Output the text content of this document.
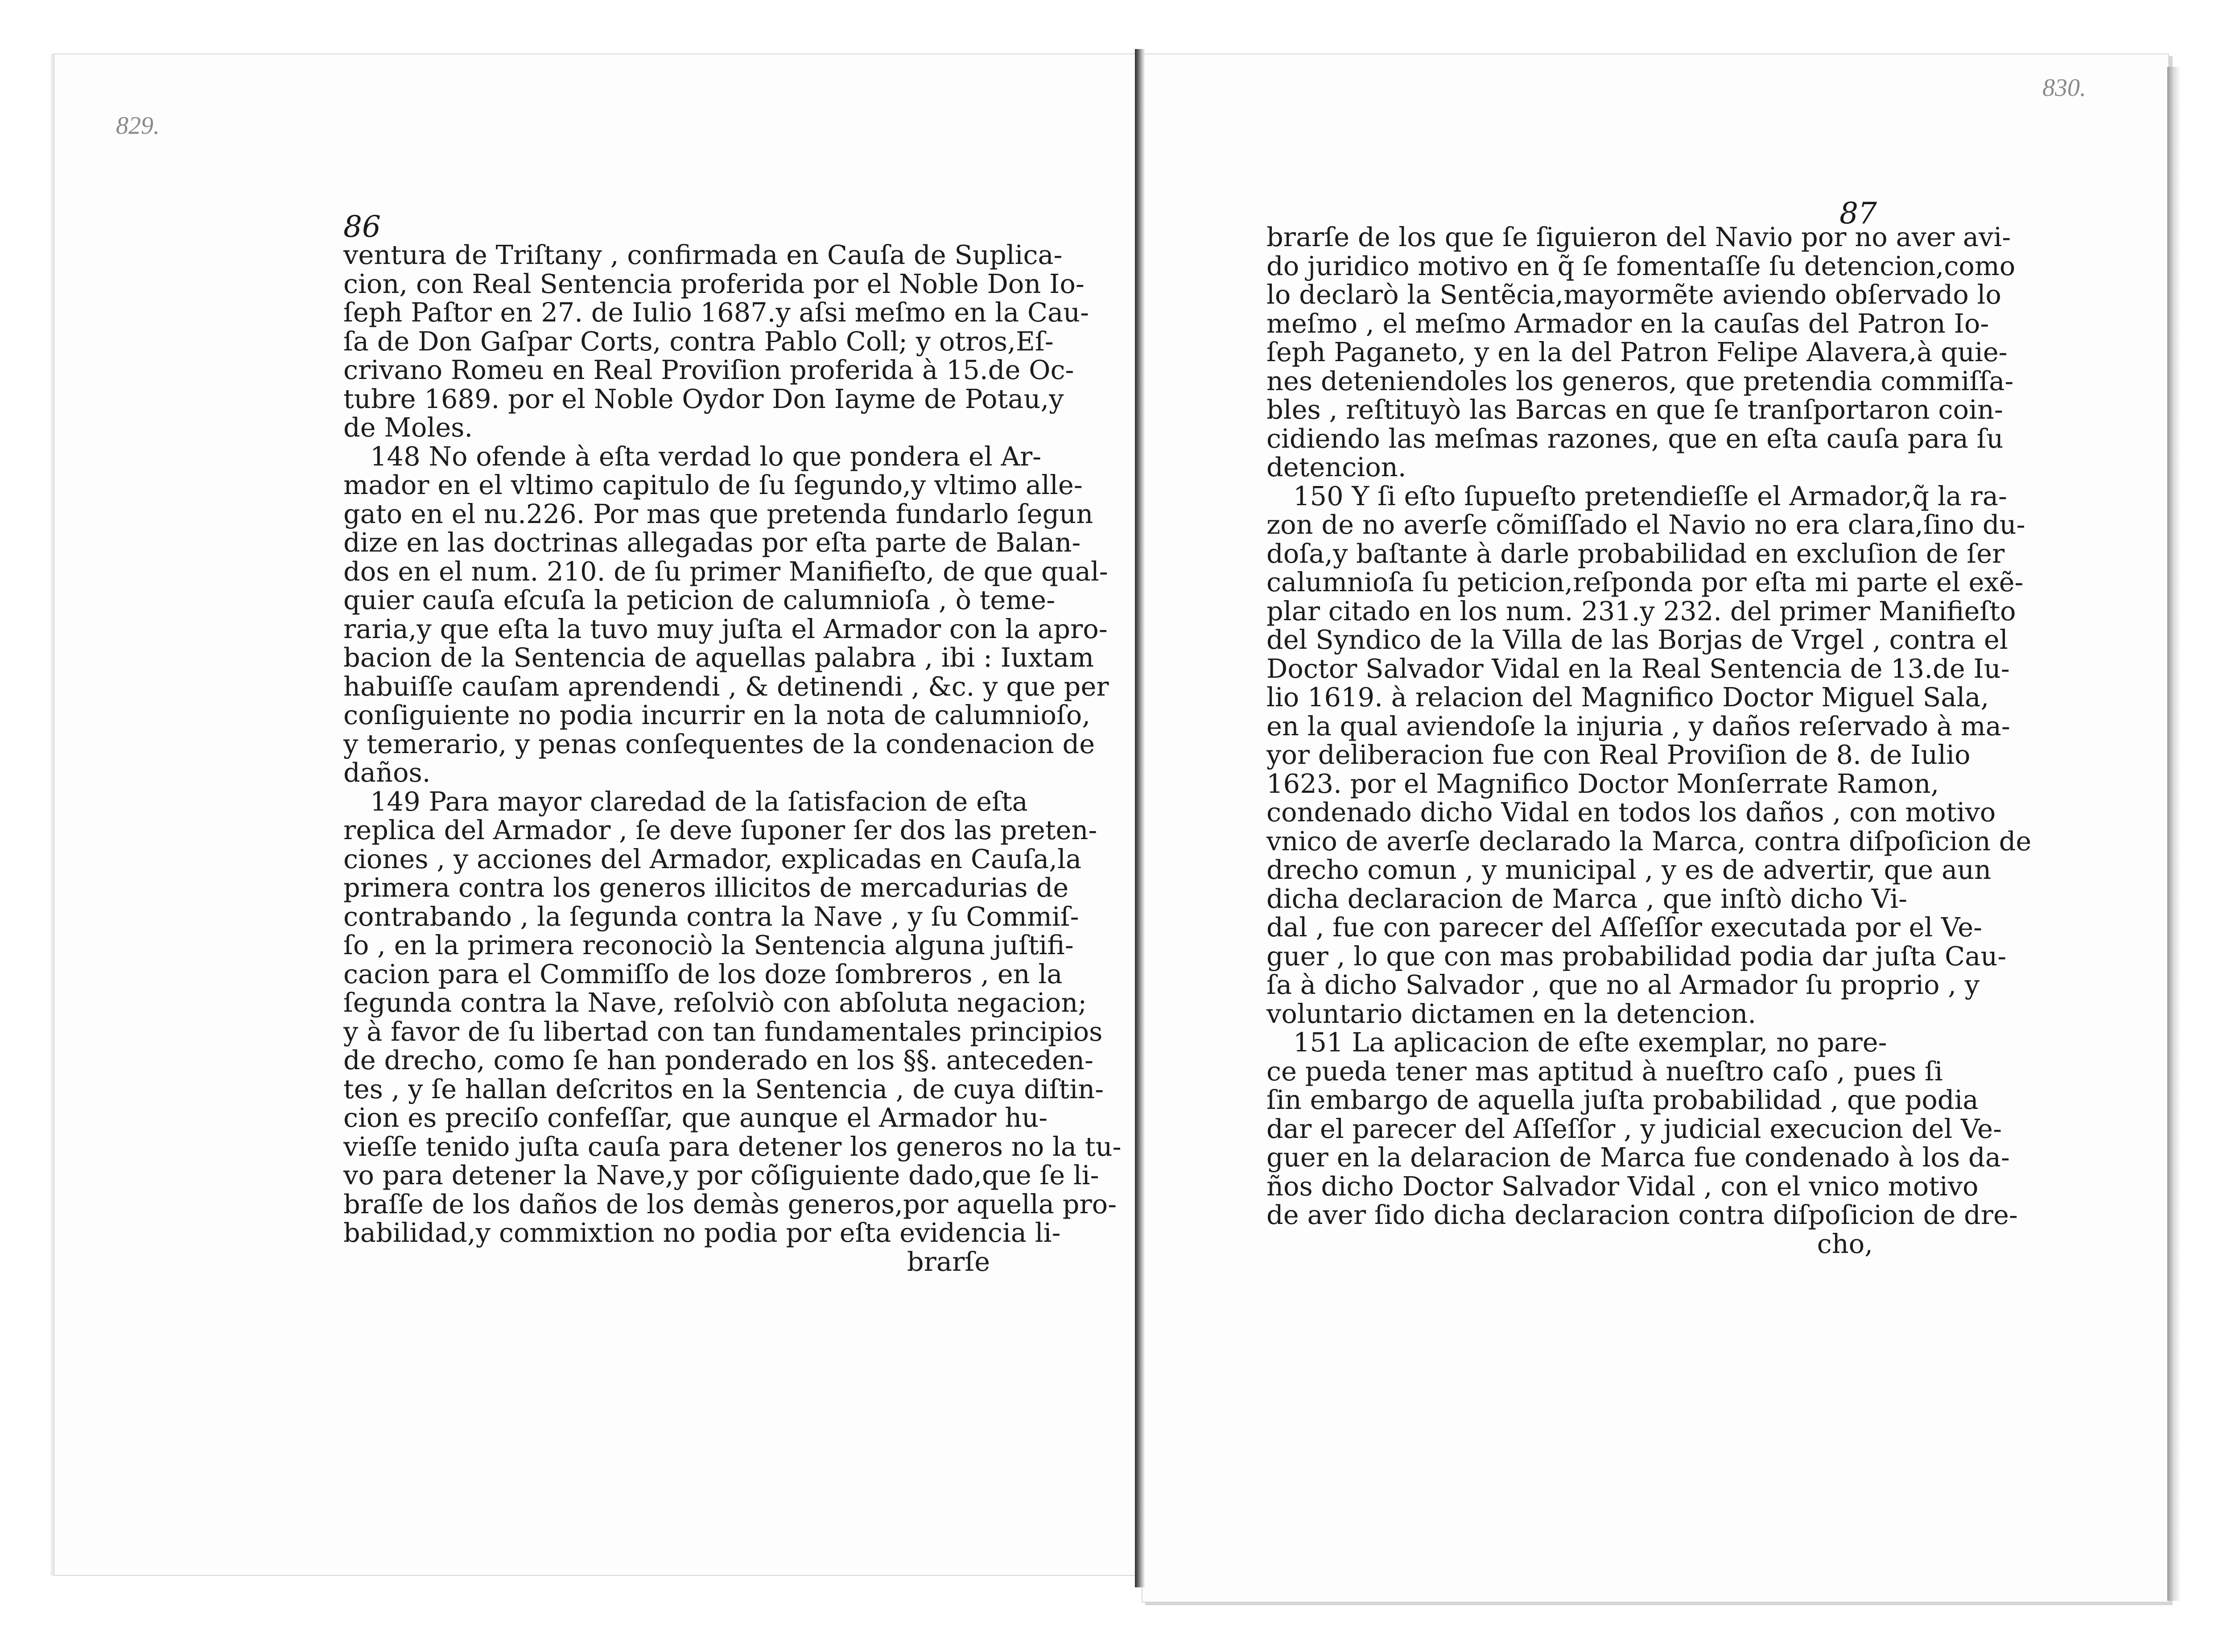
829.
830.
86	87
ventura de Triſtany , confirmada en Cauſa de Suplica-
cion, con Real Sentencia proferida por el Noble Don Io-
ſeph Paſtor en 27. de Iulio 1687.y aſsi meſmo en la Cau-
ſa de Don Gaſpar Corts, contra Pablo Coll; y otros,Eſ-
crivano Romeu en Real Proviſion proferida à 15.de Oc-
tubre 1689. por el Noble Oydor Don Iayme de Potau,y
de Moles.
148 No ofende à eſta verdad lo que pondera el Ar-
mador en el vltimo capitulo de ſu ſegundo,y vltimo alle-
gato en el nu.226. Por mas que pretenda fundarlo ſegun
dize en las doctrinas allegadas por eſta parte de Balan-
dos en el num. 210. de ſu primer Manifieſto, de que qual-
quier cauſa eſcuſa la peticion de calumnioſa , ò teme-
raria,y que eſta la tuvo muy juſta el Armador con la apro-
bacion de la Sentencia de aquellas palabra , ibi : Iuxtam
habuiſſe cauſam aprendendi , & detinendi , &c. y que per
conſiguiente no podia incurrir en la nota de calumnioſo,
y temerario, y penas conſequentes de la condenacion de
daños.
149 Para mayor claredad de la ſatisfacion de eſta
replica del Armador , ſe deve ſuponer ſer dos las preten-
ciones , y acciones del Armador, explicadas en Cauſa,la
primera contra los generos illicitos de mercadurias de
contrabando , la ſegunda contra la Nave , y ſu Commiſ-
ſo , en la primera reconociò la Sentencia alguna juſtifi-
cacion para el Commiſſo de los doze ſombreros , en la
ſegunda contra la Nave, reſolviò con abſoluta negacion;
y à favor de ſu libertad con tan fundamentales principios
de drecho, como ſe han ponderado en los §§. anteceden-
tes , y ſe hallan deſcritos en la Sentencia , de cuya diſtin-
cion es preciſo confeſſar, que aunque el Armador hu-
vieſſe tenido juſta cauſa para detener los generos no la tu-
vo para detener la Nave,y por cõſiguiente dado,que ſe li-
braſſe de los daños de los demàs generos,por aquella pro-
babilidad,y commixtion no podia por eſta evidencia li-
brarſe
brarſe de los que ſe ſiguieron del Navio por no aver avi-
do juridico motivo en q̃ ſe fomentaſſe ſu detencion,como
lo declarò la Sentẽcia,mayormẽte aviendo obſervado lo
meſmo , el meſmo Armador en la cauſas del Patron Io-
ſeph Paganeto, y en la del Patron Felipe Alavera,à quie-
nes deteniendoles los generos, que pretendia commiſſa-
bles , reſtituyò las Barcas en que ſe tranſportaron coin-
cidiendo las meſmas razones, que en eſta cauſa para ſu
detencion.
150 Y ſi eſto ſupueſto pretendieſſe el Armador,q̃ la ra-
zon de no averſe cõmiſſado el Navio no era clara,ſino du-
doſa,y baſtante à darle probabilidad en excluſion de ſer
calumnioſa ſu peticion,reſponda por eſta mi parte el exẽ-
plar citado en los num. 231.y 232. del primer Manifieſto
del Syndico de la Villa de las Borjas de Vrgel , contra el
Doctor Salvador Vidal en la Real Sentencia de 13.de Iu-
lio 1619. à relacion del Magnifico Doctor Miguel Sala,
en la qual aviendoſe la injuria , y daños reſervado à ma-
yor deliberacion fue con Real Proviſion de 8. de Iulio
1623. por el Magnifico Doctor Monſerrate Ramon,
condenado dicho Vidal en todos los daños , con motivo
vnico de averſe declarado la Marca, contra diſpoſicion de
drecho comun , y municipal , y es de advertir, que aun
dicha declaracion de Marca , que inſtò dicho Vi-
dal , fue con parecer del Aſſeſſor executada por el Ve-
guer , lo que con mas probabilidad podia dar juſta Cau-
ſa à dicho Salvador , que no al Armador ſu proprio , y
voluntario dictamen en la detencion.
151 La aplicacion de eſte exemplar, no pare-
ce pueda tener mas aptitud à nueſtro caſo , pues ſi
ſin embargo de aquella juſta probabilidad , que podia
dar el parecer del Aſſeſſor , y judicial execucion del Ve-
guer en la delaracion de Marca fue condenado à los da-
ños dicho Doctor Salvador Vidal , con el vnico motivo
de aver ſido dicha declaracion contra diſpoſicion de dre-
cho,
